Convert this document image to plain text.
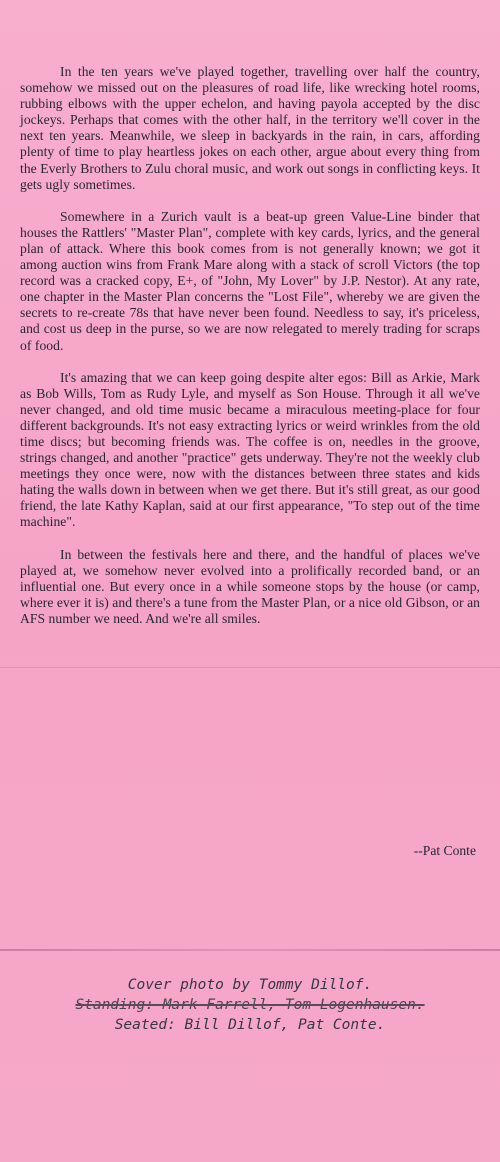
In the ten years we've played together, travelling over half the country, somehow we missed out on the pleasures of road life, like wrecking hotel rooms, rubbing elbows with the upper echelon, and having payola accepted by the disc jockeys. Perhaps that comes with the other half, in the territory we'll cover in the next ten years. Meanwhile, we sleep in backyards in the rain, in cars, affording plenty of time to play heartless jokes on each other, argue about every thing from the Everly Brothers to Zulu choral music, and work out songs in conflicting keys. It gets ugly sometimes.

Somewhere in a Zurich vault is a beat-up green Value-Line binder that houses the Rattlers' "Master Plan", complete with key cards, lyrics, and the general plan of attack. Where this book comes from is not generally known; we got it among auction wins from Frank Mare along with a stack of scroll Victors (the top record was a cracked copy, E+, of "John, My Lover" by J.P. Nestor). At any rate, one chapter in the Master Plan concerns the "Lost File", whereby we are given the secrets to re-create 78s that have never been found. Needless to say, it's priceless, and cost us deep in the purse, so we are now relegated to merely trading for scraps of food.

It's amazing that we can keep going despite alter egos: Bill as Arkie, Mark as Bob Wills, Tom as Rudy Lyle, and myself as Son House. Through it all we've never changed, and old time music became a miraculous meeting-place for four different backgrounds. It's not easy extracting lyrics or weird wrinkles from the old time discs; but becoming friends was. The coffee is on, needles in the groove, strings changed, and another "practice" gets underway. They're not the weekly club meetings they once were, now with the distances between three states and kids hating the walls down in between when we get there. But it's still great, as our good friend, the late Kathy Kaplan, said at our first appearance, "To step out of the time machine".

In between the festivals here and there, and the handful of places we've played at, we somehow never evolved into a prolifically recorded band, or an influential one. But every once in a while someone stops by the house (or camp, where ever it is) and there's a tune from the Master Plan, or a nice old Gibson, or an AFS number we need. And we're all smiles.

--Pat Conte
Cover photo by Tommy Dillof.
Standing: Mark Farrell, Tom Logenhausen.
Seated: Bill Dillof, Pat Conte.
